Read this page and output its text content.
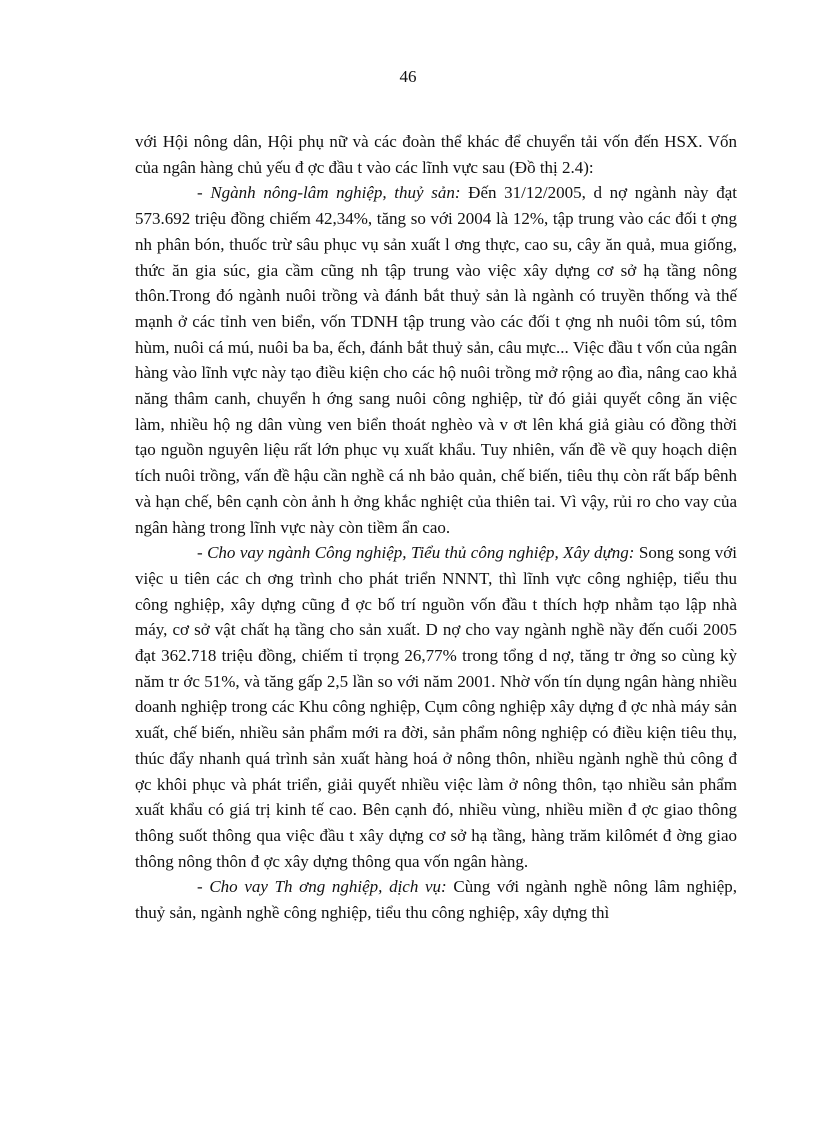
46

với Hội nông dân, Hội phụ nữ và các đoàn thể khác để chuyển tải vốn đến HSX. Vốn của ngân hàng chủ yếu đ ợc đầu t vào các lĩnh vực sau (Đồ thị 2.4):

- Ngành nông-lâm nghiệp, thuỷ sản: Đến 31/12/2005, d nợ ngành này đạt 573.692 triệu đồng chiếm 42,34%, tăng so với 2004 là 12%, tập trung vào các đối t ợng nh phân bón, thuốc trừ sâu phục vụ sản xuất l ơng thực, cao su, cây ăn quả, mua giống, thức ăn gia súc, gia cầm cũng nh tập trung vào việc xây dựng cơ sở hạ tầng nông thôn.Trong đó ngành nuôi trồng và đánh bắt thuỷ sản là ngành có truyền thống và thế mạnh ở các tỉnh ven biển, vốn TDNH tập trung vào các đối t ợng nh nuôi tôm sú, tôm hùm, nuôi cá mú, nuôi ba ba, ếch, đánh bắt thuỷ sản, câu mực... Việc đầu t vốn của ngân hàng vào lĩnh vực này tạo điều kiện cho các hộ nuôi trồng mở rộng ao đìa, nâng cao khả năng thâm canh, chuyển h ớng sang nuôi công nghiệp, từ đó giải quyết công ăn việc làm, nhiều hộ ng dân vùng ven biển thoát nghèo và v ơt lên khá giả giàu có đồng thời tạo nguồn nguyên liệu rất lớn phục vụ xuất khẩu. Tuy nhiên, vấn đề về quy hoạch diện tích nuôi trồng, vấn đề hậu cần nghề cá nh bảo quản, chế biến, tiêu thụ còn rất bấp bênh và hạn chế, bên cạnh còn ảnh h ởng khắc nghiệt của thiên tai. Vì vậy, rủi ro cho vay của ngân hàng trong lĩnh vực này còn tiềm ẩn cao.

- Cho vay ngành Công nghiệp, Tiểu thủ công nghiệp, Xây dựng: Song song với việc u tiên các ch ơng trình cho phát triển NNNT, thì lĩnh vực công nghiệp, tiểu thu công nghiệp, xây dựng cũng đ ợc bố trí nguồn vốn đầu t thích hợp nhằm tạo lập nhà máy, cơ sở vật chất hạ tầng cho sản xuất. D nợ cho vay ngành nghề nầy đến cuối 2005 đạt 362.718 triệu đồng, chiếm tỉ trọng 26,77% trong tổng d nợ, tăng tr ởng so cùng kỳ năm tr ớc 51%, và tăng gấp 2,5 lần so với năm 2001. Nhờ vốn tín dụng ngân hàng nhiều doanh nghiệp trong các Khu công nghiệp, Cụm công nghiệp xây dựng đ ợc nhà máy sản xuất, chế biến, nhiều sản phẩm mới ra đời, sản phẩm nông nghiệp có điều kiện tiêu thụ, thúc đẩy nhanh quá trình sản xuất hàng hoá ở nông thôn, nhiều ngành nghề thủ công đ ợc khôi phục và phát triển, giải quyết nhiều việc làm ở nông thôn, tạo nhiều sản phẩm xuất khẩu có giá trị kinh tế cao. Bên cạnh đó, nhiều vùng, nhiều miền đ ợc giao thông thông suốt thông qua việc đầu t xây dựng cơ sở hạ tầng, hàng trăm kilômét đ ờng giao thông nông thôn đ ợc xây dựng thông qua vốn ngân hàng.

- Cho vay Th ơng nghiệp, dịch vụ: Cùng với ngành nghề nông lâm nghiệp, thuỷ sản, ngành nghề công nghiệp, tiểu thu công nghiệp, xây dựng thì
